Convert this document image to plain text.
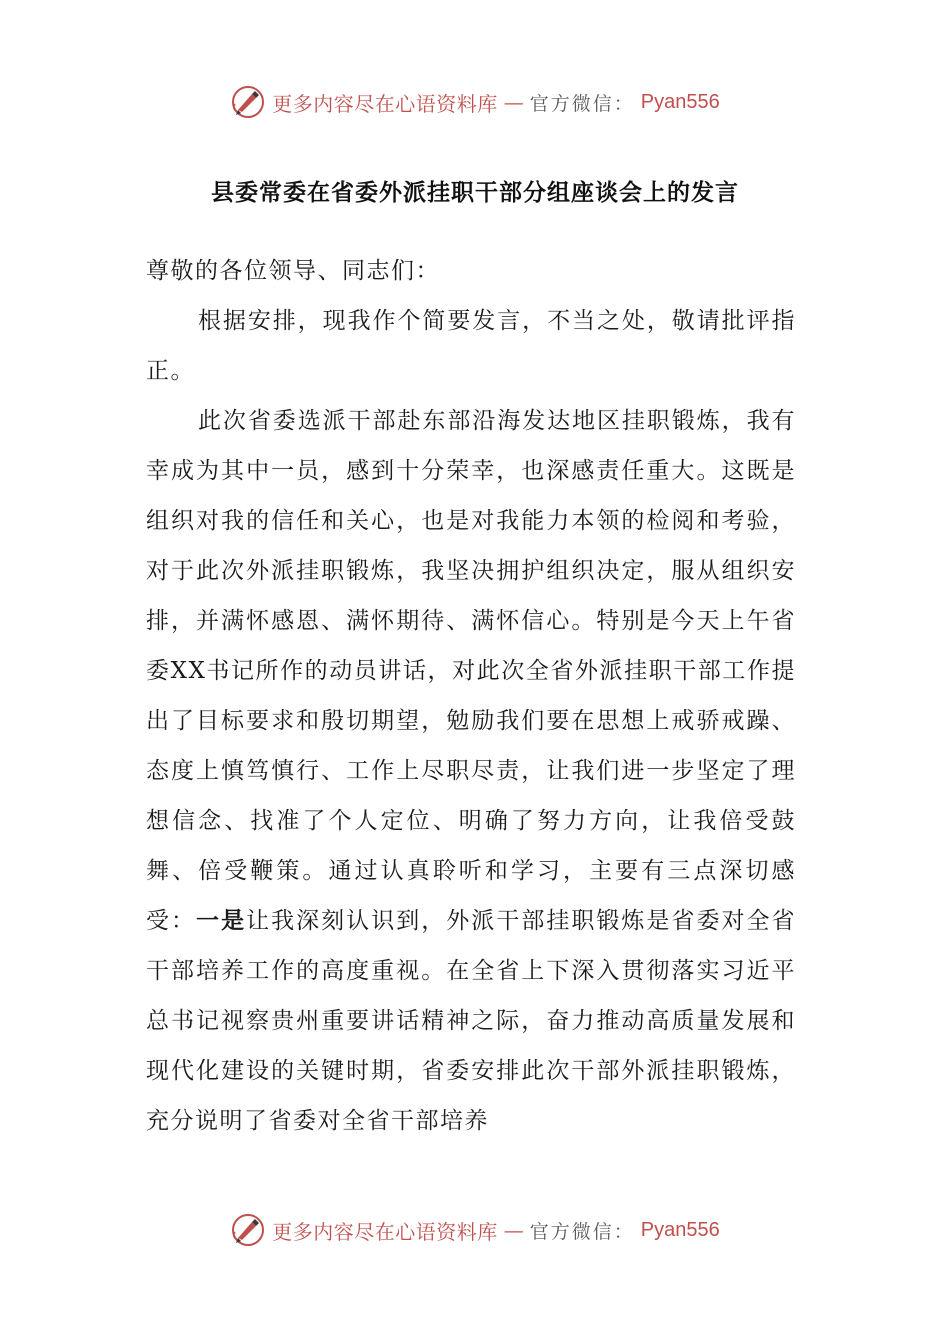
更多内容尽在心语资料库 — 官方微信： Pyan556
县委常委在省委外派挂职干部分组座谈会上的发言

尊敬的各位领导、同志们：

根据安排，现我作个简要发言，不当之处，敬请批评指正。

此次省委选派干部赴东部沿海发达地区挂职锻炼，我有幸成为其中一员，感到十分荣幸，也深感责任重大。这既是组织对我的信任和关心，也是对我能力本领的检阅和考验，对于此次外派挂职锻炼，我坚决拥护组织决定，服从组织安排，并满怀感恩、满怀期待、满怀信心。特别是今天上午省委XX书记所作的动员讲话，对此次全省外派挂职干部工作提出了目标要求和殷切期望，勉励我们要在思想上戒骄戒躁、态度上慎笃慎行、工作上尽职尽责，让我们进一步坚定了理想信念、找准了个人定位、明确了努力方向，让我倍受鼓舞、倍受鞭策。通过认真聆听和学习，主要有三点深切感受：一是让我深刻认识到，外派干部挂职锻炼是省委对全省干部培养工作的高度重视。在全省上下深入贯彻落实习近平总书记视察贵州重要讲话精神之际，奋力推动高质量发展和现代化建设的关键时期，省委安排此次干部外派挂职锻炼，充分说明了省委对全省干部培养

更多内容尽在心语资料库 — 官方微信： Pyan556
